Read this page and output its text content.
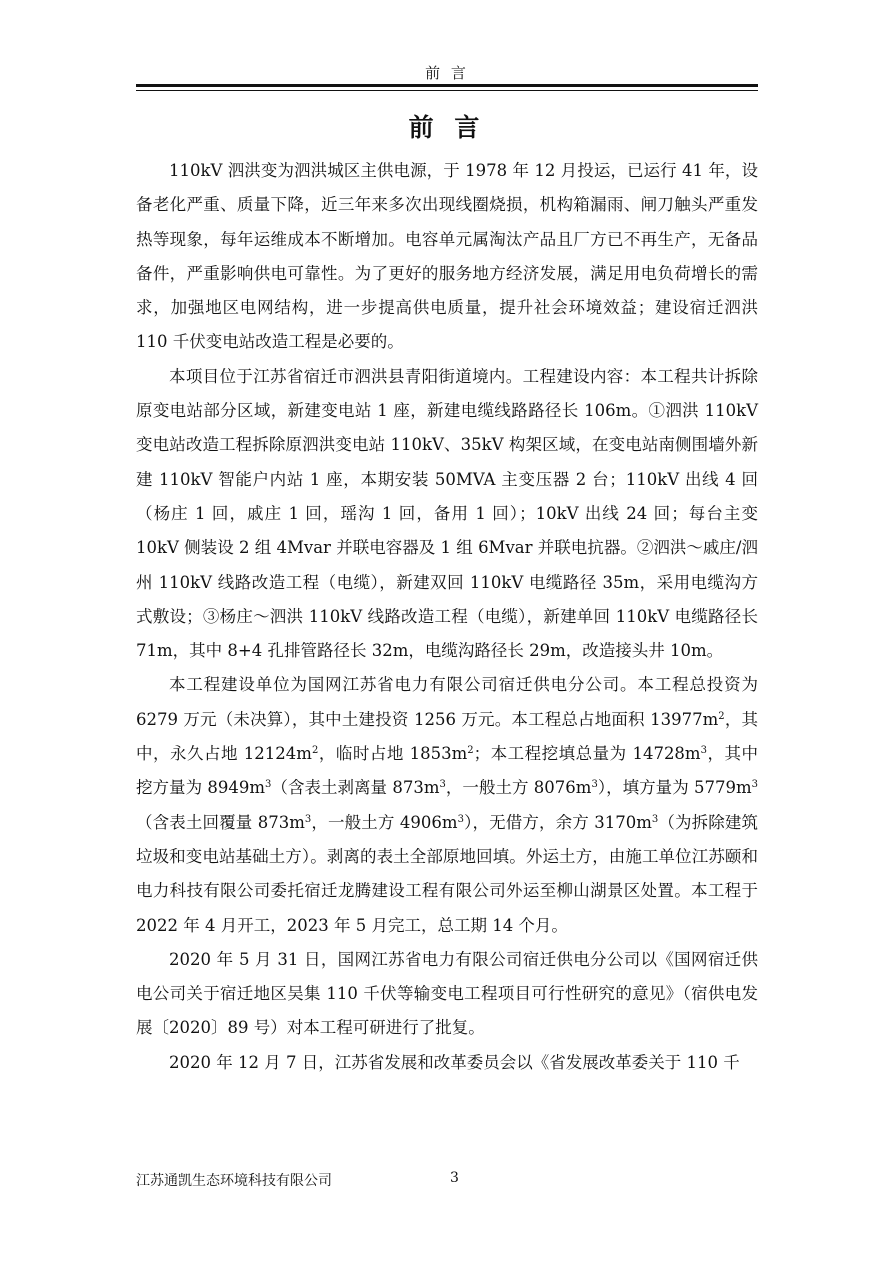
前 言
前 言

110kV 泗洪变为泗洪城区主供电源，于 1978 年 12 月投运，已运行 41 年，设备老化严重、质量下降，近三年来多次出现线圈烧损，机构箱漏雨、闸刀触头严重发热等现象，每年运维成本不断增加。电容单元属淘汰产品且厂方已不再生产，无备品备件，严重影响供电可靠性。为了更好的服务地方经济发展，满足用电负荷增长的需求，加强地区电网结构，进一步提高供电质量，提升社会环境效益；建设宿迁泗洪 110 千伏变电站改造工程是必要的。

本项目位于江苏省宿迁市泗洪县青阳街道境内。工程建设内容：本工程共计拆除原变电站部分区域，新建变电站 1 座，新建电缆线路路径长 106m。①泗洪 110kV 变电站改造工程拆除原泗洪变电站 110kV、35kV 构架区域，在变电站南侧围墙外新建 110kV 智能户内站 1 座，本期安装 50MVA 主变压器 2 台；110kV 出线 4 回（杨庄 1 回，戚庄 1 回，瑶沟 1 回，备用 1 回）；10kV 出线 24 回；每台主变 10kV 侧装设 2 组 4Mvar 并联电容器及 1 组 6Mvar 并联电抗器。②泗洪～戚庄/泗州 110kV 线路改造工程（电缆），新建双回 110kV 电缆路径 35m，采用电缆沟方式敷设；③杨庄～泗洪 110kV 线路改造工程（电缆），新建单回 110kV 电缆路径长 71m，其中 8+4 孔排管路径长 32m，电缆沟路径长 29m，改造接头井 10m。

本工程建设单位为国网江苏省电力有限公司宿迁供电分公司。本工程总投资为 6279 万元（未决算），其中土建投资 1256 万元。本工程总占地面积 $13977m^2$，其中，永久占地 $12124m^2$，临时占地 $1853m^2$；本工程挖填总量为 $14728m^3$，其中挖方量为 $8949m^3$（含表土剥离量 $873m^3$，一般土方 $8076m^3$），填方量为 $5779m^3$（含表土回覆量 $873m^3$，一般土方 $4906m^3$），无借方，余方 $3170m^3$（为拆除建筑垃圾和变电站基础土方）。剥离的表土全部原地回填。外运土方，由施工单位江苏颐和电力科技有限公司委托宿迁龙腾建设工程有限公司外运至柳山湖景区处置。本工程于 2022 年 4 月开工，2023 年 5 月完工，总工期 14 个月。

2020 年 5 月 31 日，国网江苏省电力有限公司宿迁供电分公司以《国网宿迁供电公司关于宿迁地区吴集 110 千伏等输变电工程项目可行性研究的意见》（宿供电发展〔2020〕89 号）对本工程可研进行了批复。

2020 年 12 月 7 日，江苏省发展和改革委员会以《省发展改革委关于 110 千

江苏通凯生态环境科技有限公司	3
